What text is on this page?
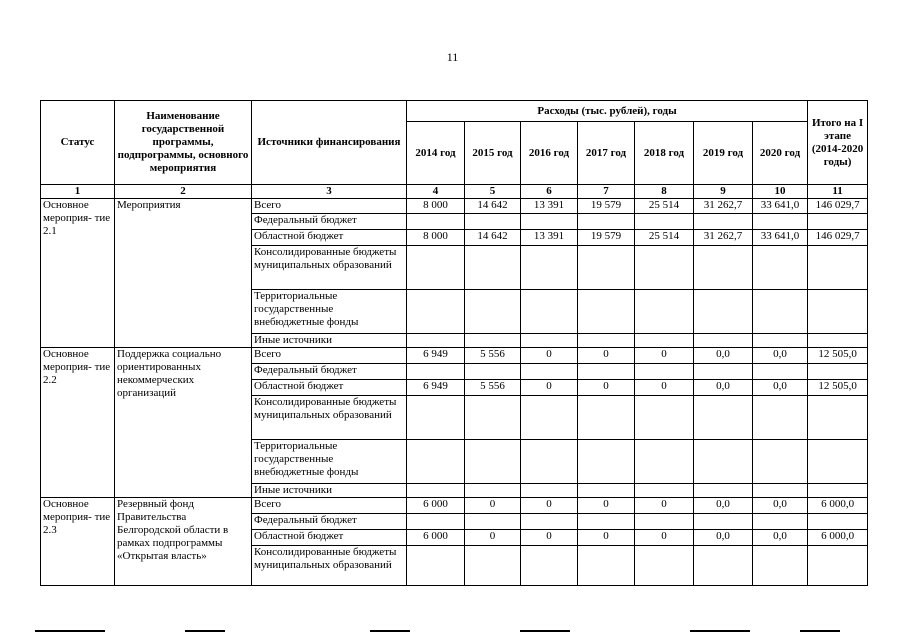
11
Статус	Наименование государственной программы, подпрограммы, основного мероприятия	Источники финансирования	Расходы (тыс. рублей), годы							Итого на I этапе (2014-2020 годы)
			2014 год	2015 год	2016 год	2017 год	2018 год	2019 год	2020 год	
1	2	3	4	5	6	7	8	9	10	11
Основное мероприя- тие 2.1	Мероприятия	Всего	8 000	14 642	13 391	19 579	25 514	31 262,7	33 641,0	146 029,7
		Федеральный бюджет								
		Областной бюджет	8 000	14 642	13 391	19 579	25 514	31 262,7	33 641,0	146 029,7
		Консолидированные бюджеты муниципальных образований								
		Территориальные государственные внебюджетные фонды								
		Иные источники								
Основное мероприя- тие 2.2	Поддержка социально ориентированных некоммерческих организаций	Всего	6 949	5 556	0	0	0	0,0	0,0	12 505,0
		Федеральный бюджет								
		Областной бюджет	6 949	5 556	0	0	0	0,0	0,0	12 505,0
		Консолидированные бюджеты муниципальных образований								
		Территориальные государственные внебюджетные фонды								
		Иные источники								
Основное мероприя- тие 2.3	Резервный фонд Правительства Белгородской области в рамках подпрограммы «Открытая власть»	Всего	6 000	0	0	0	0	0,0	0,0	6 000,0
		Федеральный бюджет								
		Областной бюджет	6 000	0	0	0	0	0,0	0,0	6 000,0
		Консолидированные бюджеты муниципальных образований								
